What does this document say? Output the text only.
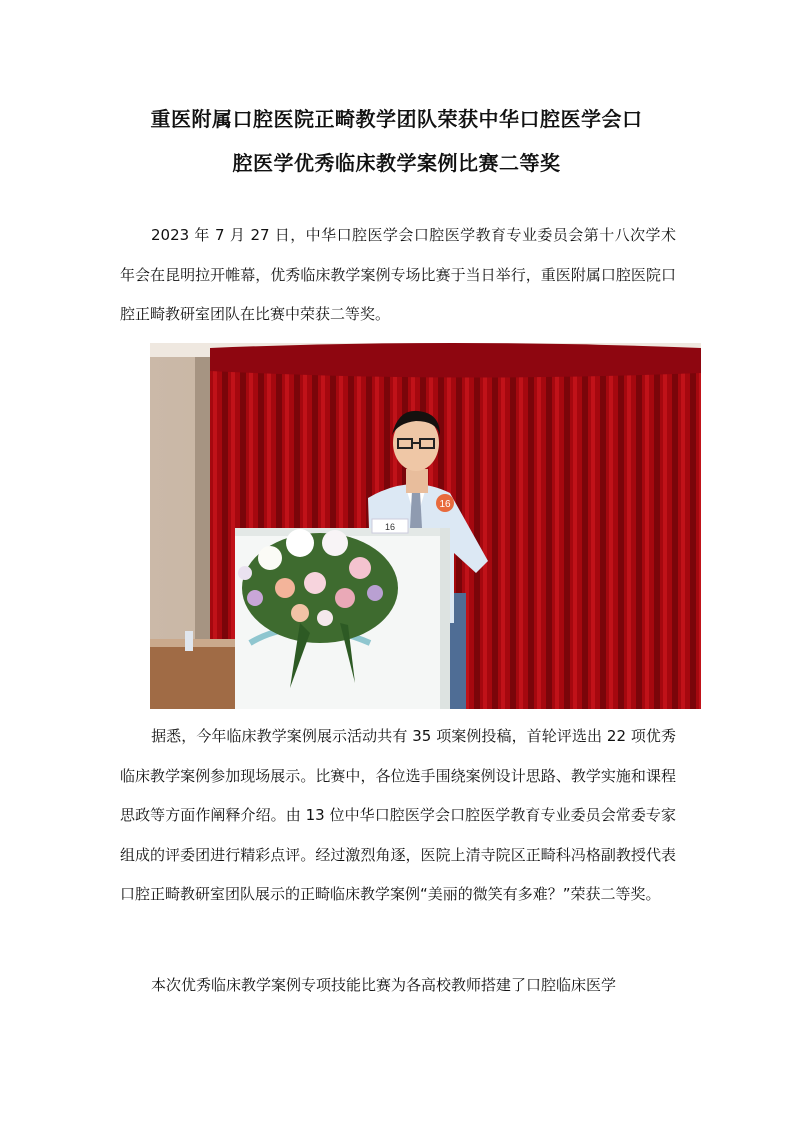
重医附属口腔医院正畸教学团队荣获中华口腔医学会口
腔医学优秀临床教学案例比赛二等奖
2023 年 7 月 27 日，中华口腔医学会口腔医学教育专业委员会第十八次学术年会在昆明拉开帷幕，优秀临床教学案例专场比赛于当日举行，重医附属口腔医院口腔正畸教研室团队在比赛中荣获二等奖。
16
16
据悉，今年临床教学案例展示活动共有 35 项案例投稿，首轮评选出 22 项优秀临床教学案例参加现场展示。比赛中，各位选手围绕案例设计思路、教学实施和课程思政等方面作阐释介绍。由 13 位中华口腔医学会口腔医学教育专业委员会常委专家组成的评委团进行精彩点评。经过激烈角逐，医院上清寺院区正畸科冯格副教授代表口腔正畸教研室团队展示的正畸临床教学案例“美丽的微笑有多难？”荣获二等奖。
本次优秀临床教学案例专项技能比赛为各高校教师搭建了口腔临床医学
